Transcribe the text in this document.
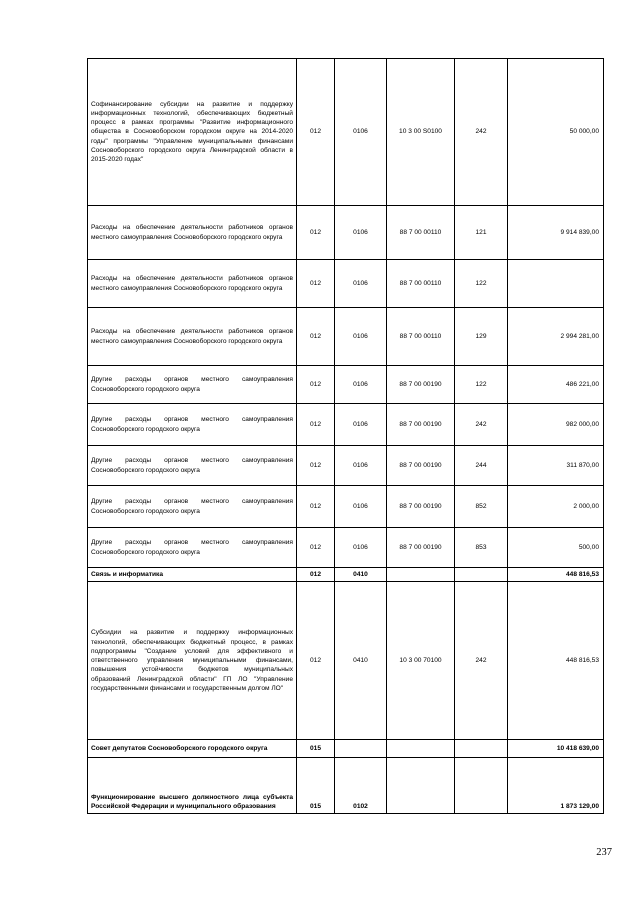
Софинансирование субсидии на развитие и поддержку информационных технологий, обеспечивающих бюджетный процесс в рамках программы "Развитие информационного общества в Сосновоборском городском округе на 2014-2020 годы" программы "Управление муниципальными финансами Сосновоборского городского округа Ленинградской области в 2015-2020 годах"	012	0106	10 3 00 S0100	242	50 000,00
Расходы на обеспечение деятельности работников органов местного самоуправления Сосновоборского городского округа	012	0106	88 7 00 00110	121	9 914 839,00
Расходы на обеспечение деятельности работников органов местного самоуправления Сосновоборского городского округа	012	0106	88 7 00 00110	122	
Расходы на обеспечение деятельности работников органов местного самоуправления Сосновоборского городского округа	012	0106	88 7 00 00110	129	2 994 281,00
Другие расходы органов местного самоуправления Сосновоборского городского округа	012	0106	88 7 00 00190	122	486 221,00
Другие расходы органов местного самоуправления Сосновоборского городского округа	012	0106	88 7 00 00190	242	982 000,00
Другие расходы органов местного самоуправления Сосновоборского городского округа	012	0106	88 7 00 00190	244	311 870,00
Другие расходы органов местного самоуправления Сосновоборского городского округа	012	0106	88 7 00 00190	852	2 000,00
Другие расходы органов местного самоуправления Сосновоборского городского округа	012	0106	88 7 00 00190	853	500,00
Связь и информатика	012	0410			448 816,53
Субсидии на развитие и поддержку информационных технологий, обеспечивающих бюджетный процесс, в рамках подпрограммы "Создание условий для эффективного и ответственного управления муниципальными финансами, повышения устойчивости бюджетов муниципальных образований Ленинградской области" ГП ЛО "Управление государственными финансами и государственным долгом ЛО"	012	0410	10 3 00 70100	242	448 816,53
Совет депутатов Сосновоборского городского округа	015				10 418 639,00
Функционирование высшего должностного лица субъекта Российской Федерации и муниципального образования	015	0102			1 873 129,00
237
